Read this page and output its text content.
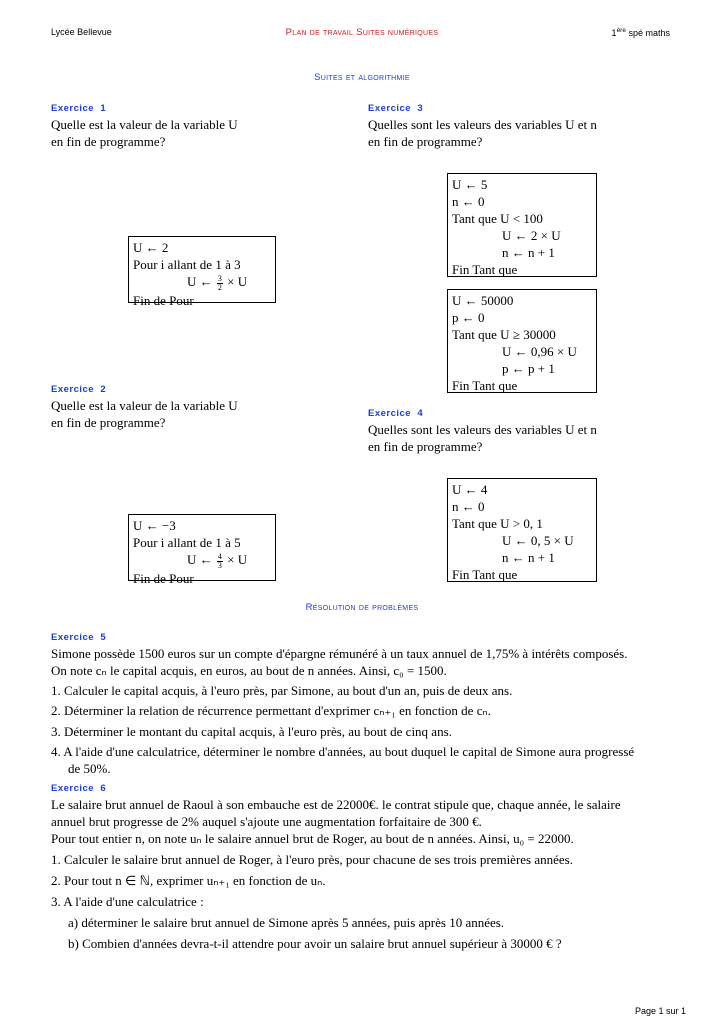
Lycée Bellevue	Plan de travail Suites numériques	1ère spé maths
Suites et algorithmie
Exercice  1
Quelle est la valeur de la variable U
en fin de programme?
U ← 2
Pour i allant de 1 à 3
U ← $\frac{3}{2} \times U$
Fin de Pour
Exercice  2
Quelle est la valeur de la variable U
en fin de programme?
U ← −3
Pour i allant de 1 à 5
U ← $\frac{4}{3} \times U$
Fin de Pour
Exercice  3
Quelles sont les valeurs des variables U et n
en fin de programme?
U ← 5
n ← 0
Tant que U < 100
U ← 2 × U
n ← n + 1
Fin Tant que
U ← 50000
p ← 0
Tant que U ≥ 30000
U ← 0,96 × U
p ← p + 1
Fin Tant que
Exercice  4
Quelles sont les valeurs des variables U et n
en fin de programme?
U ← 4
n ← 0
Tant que U > 0, 1
U ← 0, 5 × U
n ← n + 1
Fin Tant que
Résolution de problèmes
Exercice  5
Simone possède 1500 euros sur un compte d'épargne rémunéré à un taux annuel de 1,75% à intérêts composés.
On note cₙ le capital acquis, en euros, au bout de n années. Ainsi, c₀ = 1500.
1. Calculer le capital acquis, à l'euro près, par Simone, au bout d'un an, puis de deux ans.
2. Déterminer la relation de récurrence permettant d'exprimer cₙ₊₁ en fonction de cₙ.
3. Déterminer le montant du capital acquis, à l'euro près, au bout de cinq ans.
4. A l'aide d'une calculatrice, déterminer le nombre d'années, au bout duquel le capital de Simone aura progressé
de 50%.
Exercice  6
Le salaire brut annuel de Raoul à son embauche est de 22000€. le contrat stipule que, chaque année, le salaire
annuel brut progresse de 2% auquel s'ajoute une augmentation forfaitaire de 300 €.
Pour tout entier n, on note uₙ le salaire annuel brut de Roger, au bout de n années. Ainsi, u₀ = 22000.
1. Calculer le salaire brut annuel de Roger, à l'euro près, pour chacune de ses trois premières années.
2. Pour tout n ∈ ℕ, exprimer uₙ₊₁ en fonction de uₙ.
3. A l'aide d'une calculatrice :
a) déterminer le salaire brut annuel de Simone après 5 années, puis après 10 années.
b) Combien d'années devra-t-il attendre pour avoir un salaire brut annuel supérieur à 30000 € ?
Page 1 sur 1
